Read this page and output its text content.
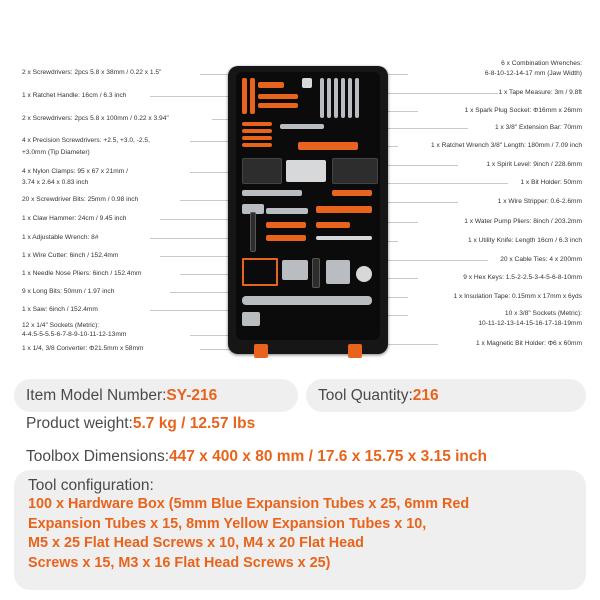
2 x Screwdrivers: 2pcs 5.8 x 38mm / 0.22 x 1.5"
1 x Ratchet Handle: 16cm / 6.3 inch
2 x Screwdrivers: 2pcs 5.8 x 100mm / 0.22 x 3.94"
4 x Precision Screwdrivers: +2.5, +3.0, -2.5,
+3.0mm (Tip Diameter)
4 x Nylon Clamps: 95 x 67 x 21mm /
3.74 x 2.64 x 0.83 inch
20 x Screwdriver Bits: 25mm / 0.98 inch
1 x Claw Hammer: 24cm / 9.45 inch
1 x Adjustable Wrench: 8#
1 x Wire Cutter: 6inch / 152.4mm
1 x Needle Nose Pliers: 6inch / 152.4mm
9 x Long Bits: 50mm / 1.97 inch
1 x Saw: 6inch / 152.4mm
12 x 1/4" Sockets (Metric):
4-4.5-5-5.5-6-7-8-9-10-11-12-13mm
1 x 1/4, 3/8 Converter: Φ21.5mm x 58mm
6 x Combination Wrenches:
6-8-10-12-14-17 mm (Jaw Width)
1 x Tape Measure: 3m / 9.8ft
1 x Spark Plug Socket: Φ16mm x 26mm
1 x 3/8" Extension Bar: 70mm
1 x Ratchet Wrench 3/8" Length: 180mm / 7.09 inch
1 x Spirit Level: 9inch / 228.6mm
1 x Bit Holder: 50mm
1 x Wire Stripper: 0.6-2.6mm
1 x Water Pump Pliers: 8inch / 203.2mm
1 x Utility Knife: Length 16cm / 6.3 inch
20 x Cable Ties: 4 x 200mm
9 x Hex Keys: 1.5-2-2.5-3-4-5-6-8-10mm
1 x Insulation Tape: 0.15mm x 17mm x 6yds
10 x 3/8" Sockets (Metric):
10-11-12-13-14-15-16-17-18-19mm
1 x Magnetic Bit Holder: Φ6 x 60mm
Item Model Number: SY-216	Tool Quantity: 216
Product weight: 5.7 kg / 12.57 lbs
Toolbox Dimensions: 447 x 400 x 80 mm / 17.6 x 15.75 x 3.15 inch
Tool configuration:
100 x Hardware Box (5mm Blue Expansion Tubes x 25, 6mm Red
Expansion Tubes x 15, 8mm Yellow Expansion Tubes x 10,
M5 x 25 Flat Head Screws x 10, M4 x 20 Flat Head
Screws x 15, M3 x 16 Flat Head Screws x 25)
